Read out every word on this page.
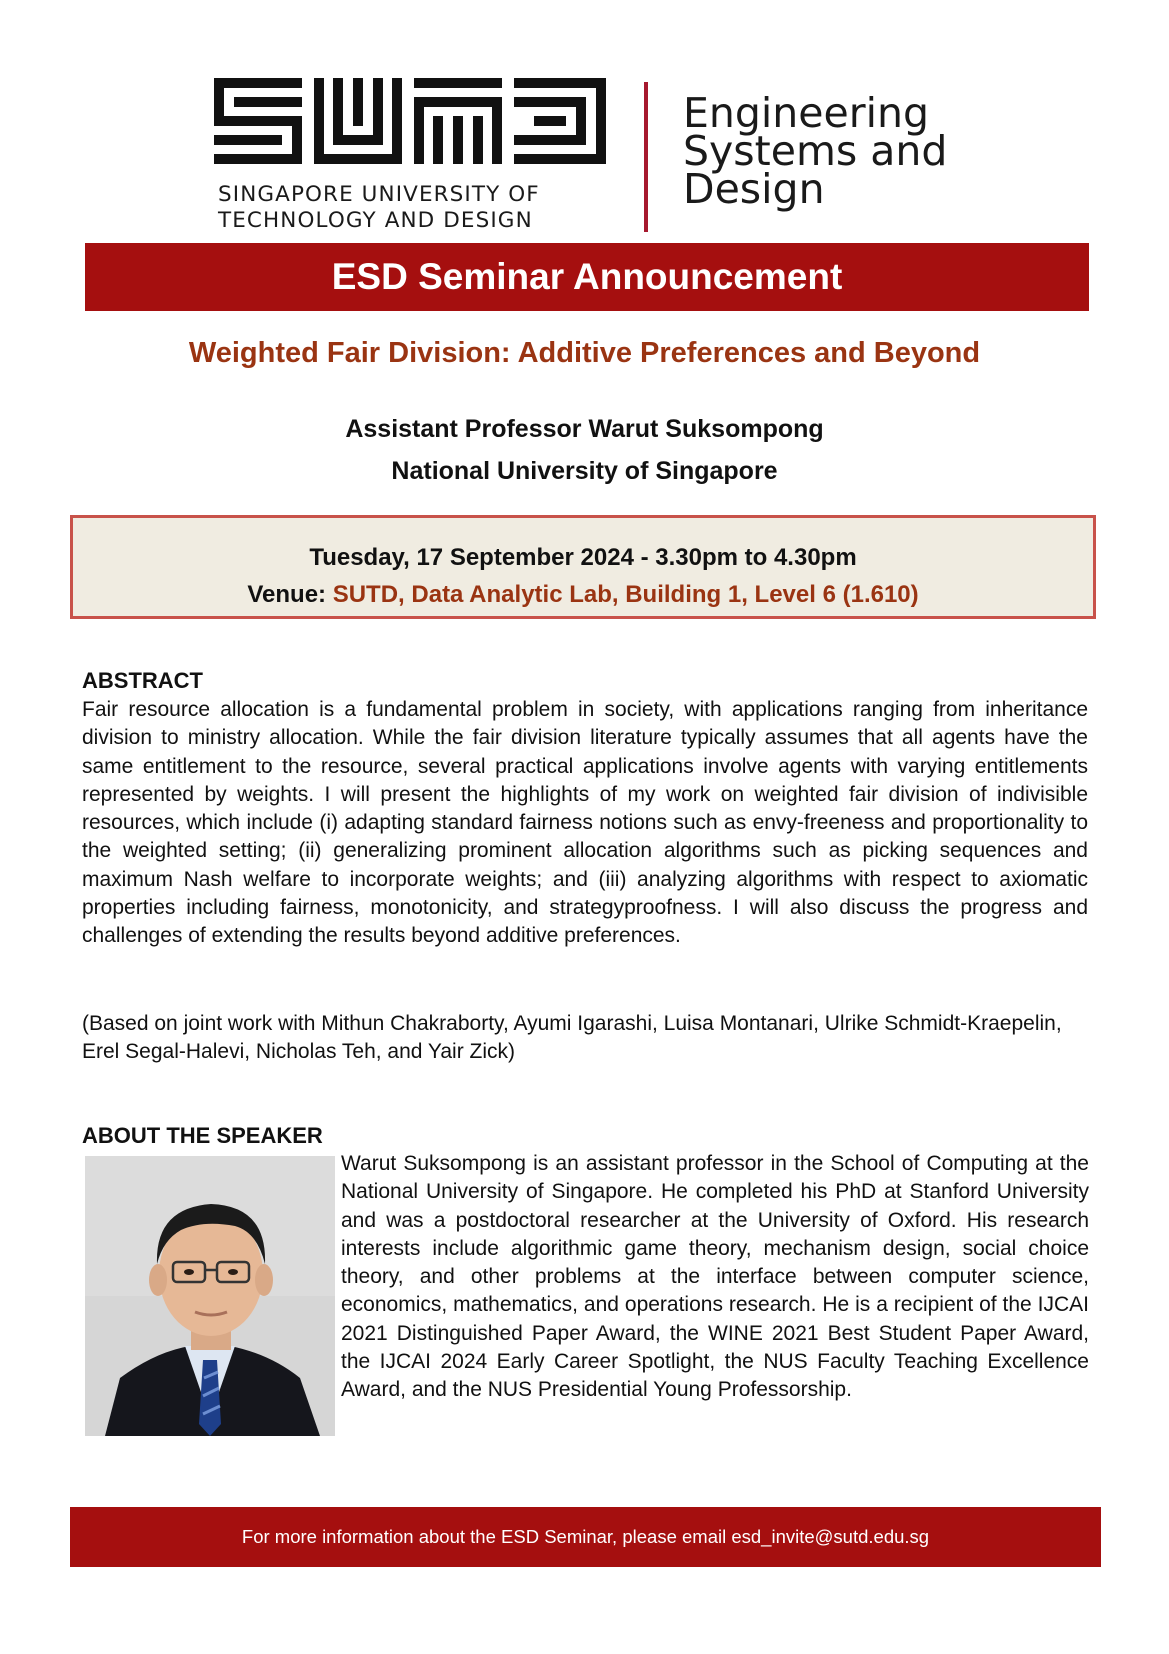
SINGAPORE UNIVERSITY OF
TECHNOLOGY AND DESIGN
Engineering
Systems and
Design
ESD Seminar Announcement
Weighted Fair Division: Additive Preferences and Beyond
Assistant Professor Warut Suksompong
National University of Singapore
Tuesday, 17 September 2024 - 3.30pm to 4.30pm
Venue: SUTD, Data Analytic Lab, Building 1, Level 6 (1.610)
ABSTRACT

Fair resource allocation is a fundamental problem in society, with applications ranging from inheritance division to ministry allocation. While the fair division literature typically assumes that all agents have the same entitlement to the resource, several practical applications involve agents with varying entitlements represented by weights. I will present the highlights of my work on weighted fair division of indivisible resources, which include (i) adapting standard fairness notions such as envy-freeness and proportionality to the weighted setting; (ii) generalizing prominent allocation algorithms such as picking sequences and maximum Nash welfare to incorporate weights; and (iii) analyzing algorithms with respect to axiomatic properties including fairness, monotonicity, and strategyproofness. I will also discuss the progress and challenges of extending the results beyond additive preferences.

(Based on joint work with Mithun Chakraborty, Ayumi Igarashi, Luisa Montanari, Ulrike Schmidt-Kraepelin, Erel Segal-Halevi, Nicholas Teh, and Yair Zick)

ABOUT THE SPEAKER

Warut Suksompong is an assistant professor in the School of Computing at the National University of Singapore. He completed his PhD at Stanford University and was a postdoctoral researcher at the University of Oxford. His research interests include algorithmic game theory, mechanism design, social choice theory, and other problems at the interface between computer science, economics, mathematics, and operations research. He is a recipient of the IJCAI 2021 Distinguished Paper Award, the WINE 2021 Best Student Paper Award, the IJCAI 2024 Early Career Spotlight, the NUS Faculty Teaching Excellence Award, and the NUS Presidential Young Professorship.

For more information about the ESD Seminar, please email esd_invite@sutd.edu.sg
